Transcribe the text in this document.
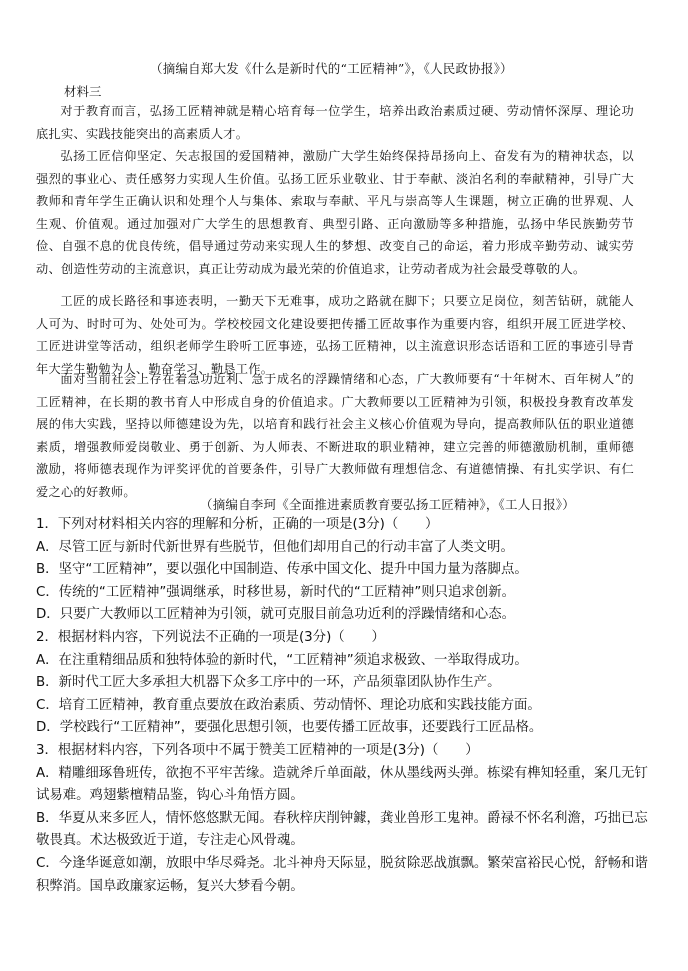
（摘编自郑大发《什么是新时代的“工匠精神”》，《人民政协报》）

材料三

对于教育而言，弘扬工匠精神就是精心培育每一位学生，培养出政治素质过硬、劳动情怀深厚、理论功底扎实、实践技能突出的高素质人才。

弘扬工匠信仰坚定、矢志报国的爱国精神，激励广大学生始终保持昂扬向上、奋发有为的精神状态，以强烈的事业心、责任感努力实现人生价值。弘扬工匠乐业敬业、甘于奉献、淡泊名利的奉献精神，引导广大教师和青年学生正确认识和处理个人与集体、索取与奉献、平凡与崇高等人生课题，树立正确的世界观、人生观、价值观。通过加强对广大学生的思想教育、典型引路、正向激励等多种措施，弘扬中华民族勤劳节俭、自强不息的优良传统，倡导通过劳动来实现人生的梦想、改变自己的命运，着力形成辛勤劳动、诚实劳动、创造性劳动的主流意识，真正让劳动成为最光荣的价值追求，让劳动者成为社会最受尊敬的人。

工匠的成长路径和事迹表明，一勤天下无难事，成功之路就在脚下；只要立足岗位，刻苦钻研，就能人人可为、时时可为、处处可为。学校校园文化建设要把传播工匠故事作为重要内容，组织开展工匠进学校、工匠进讲堂等活动，组织老师学生聆听工匠事迹，弘扬工匠精神，以主流意识形态话语和工匠的事迹引导青年大学生勤勉为人、勤奋学习、勤恳工作。

面对当前社会上存在着急功近利、急于成名的浮躁情绪和心态，广大教师要有“十年树木、百年树人”的工匠精神，在长期的教书育人中形成自身的价值追求。广大教师要以工匠精神为引领，积极投身教育改革发展的伟大实践，坚持以师德建设为先，以培育和践行社会主义核心价值观为导向，提高教师队伍的职业道德素质，增强教师爱岗敬业、勇于创新、为人师表、不断进取的职业精神，建立完善的师德激励机制，重师德激励，将师德表现作为评奖评优的首要条件，引导广大教师做有理想信念、有道德情操、有扎实学识、有仁爱之心的好教师。

（摘编自李珂《全面推进素质教育要弘扬工匠精神》，《工人日报》）

1．下列对材料相关内容的理解和分析，正确的一项是(3分)（　　）
A．尽管工匠与新时代新世界有些脱节，但他们却用自己的行动丰富了人类文明。
B．坚守“工匠精神”，要以强化中国制造、传承中国文化、提升中国力量为落脚点。
C．传统的“工匠精神”强调继承，时移世易，新时代的“工匠精神”则只追求创新。
D．只要广大教师以工匠精神为引领，就可克服目前急功近利的浮躁情绪和心态。
2．根据材料内容，下列说法不正确的一项是(3分)（　　）
A．在注重精细品质和独特体验的新时代，“工匠精神”须追求极致、一举取得成功。
B．新时代工匠大多承担大机器下众多工序中的一环，产品须靠团队协作生产。
C．培育工匠精神，教育重点要放在政治素质、劳动情怀、理论功底和实践技能方面。
D．学校践行“工匠精神”，要强化思想引领，也要传播工匠故事，还要践行工匠品格。
3．根据材料内容，下列各项中不属于赞美工匠精神的一项是(3分)（　　）
A．精雕细琢鲁班传，欲抱不平牢苦缘。造就斧斤单面敲，休从墨线两头弹。栋梁有榫知轻重，案几无钉试易难。鸡翅紫檀精品鉴，钩心斗角悟方圆。
B．华夏从来多匠人，情怀悠悠默无闻。春秋梓庆削钟鐻，龚业兽形工鬼神。爵禄不怀名利澹，巧拙已忘敬畏真。术达极致近于道，专注走心风骨魂。
C．今逢华诞意如潮，放眼中华尽舜尧。北斗神舟天际显，脱贫除恶战旗飘。繁荣富裕民心悦，舒畅和谐积弊消。国阜政廉家运畅，复兴大梦看今朝。
